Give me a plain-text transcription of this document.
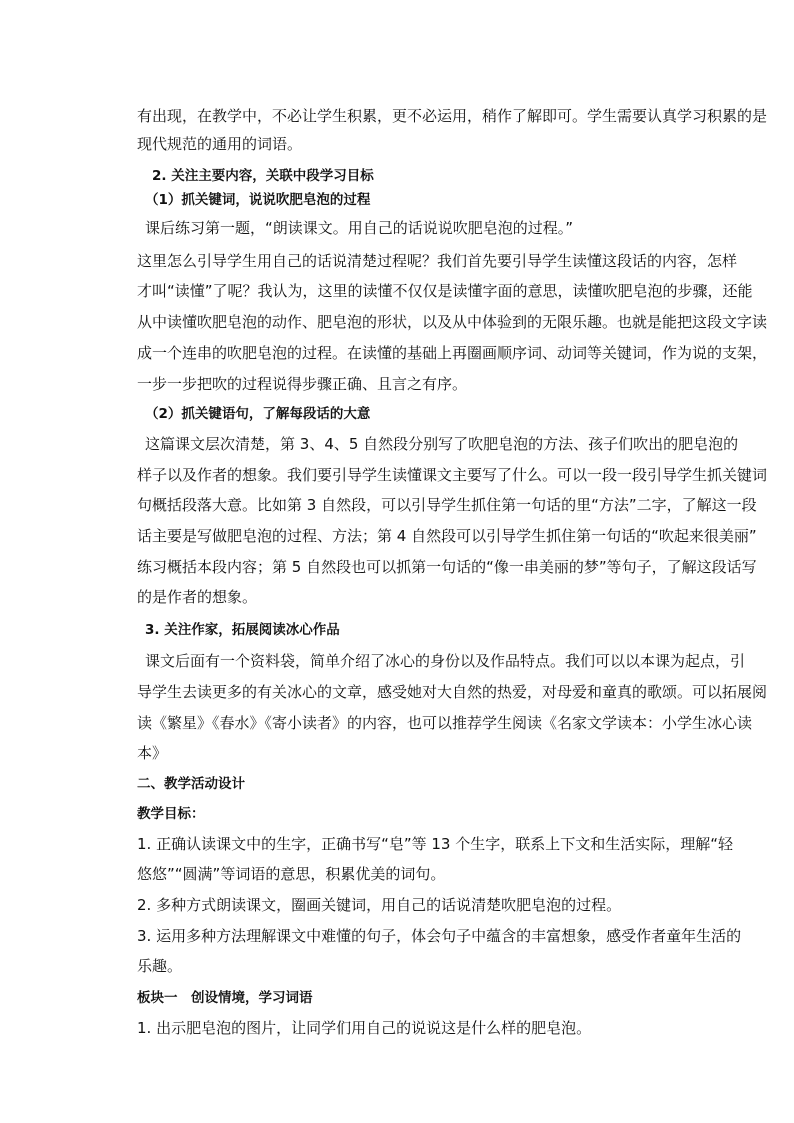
有出现，在教学中，不必让学生积累，更不必运用，稍作了解即可。学生需要认真学习积累的是
现代规范的通用的词语。
2. 关注主要内容，关联中段学习目标
（1）抓关键词，说说吹肥皂泡的过程
课后练习第一题，“朗读课文。用自己的话说说吹肥皂泡的过程。”
这里怎么引导学生用自己的话说清楚过程呢？我们首先要引导学生读懂这段话的内容，怎样
才叫“读懂”了呢？我认为，这里的读懂不仅仅是读懂字面的意思，读懂吹肥皂泡的步骤，还能
从中读懂吹肥皂泡的动作、肥皂泡的形状，以及从中体验到的无限乐趣。也就是能把这段文字读
成一个连串的吹肥皂泡的过程。在读懂的基础上再圈画顺序词、动词等关键词，作为说的支架，
一步一步把吹的过程说得步骤正确、且言之有序。
（2）抓关键语句，了解每段话的大意
这篇课文层次清楚，第 3、4、5 自然段分别写了吹肥皂泡的方法、孩子们吹出的肥皂泡的
样子以及作者的想象。我们要引导学生读懂课文主要写了什么。可以一段一段引导学生抓关键词
句概括段落大意。比如第 3 自然段，可以引导学生抓住第一句话的里“方法”二字，了解这一段
话主要是写做肥皂泡的过程、方法；第 4 自然段可以引导学生抓住第一句话的“吹起来很美丽”
练习概括本段内容；第 5 自然段也可以抓第一句话的“像一串美丽的梦”等句子，了解这段话写
的是作者的想象。
3. 关注作家，拓展阅读冰心作品
课文后面有一个资料袋，简单介绍了冰心的身份以及作品特点。我们可以以本课为起点，引
导学生去读更多的有关冰心的文章，感受她对大自然的热爱，对母爱和童真的歌颂。可以拓展阅
读《繁星》《春水》《寄小读者》的内容，也可以推荐学生阅读《名家文学读本：小学生冰心读
本》
二、教学活动设计
教学目标：
1. 正确认读课文中的生字，正确书写“皂”等 13 个生字，联系上下文和生活实际，理解“轻
悠悠”“圆满”等词语的意思，积累优美的词句。
2. 多种方式朗读课文，圈画关键词，用自己的话说清楚吹肥皂泡的过程。
3. 运用多种方法理解课文中难懂的句子，体会句子中蕴含的丰富想象，感受作者童年生活的
乐趣。
板块一　创设情境，学习词语
1. 出示肥皂泡的图片，让同学们用自己的说说这是什么样的肥皂泡。
